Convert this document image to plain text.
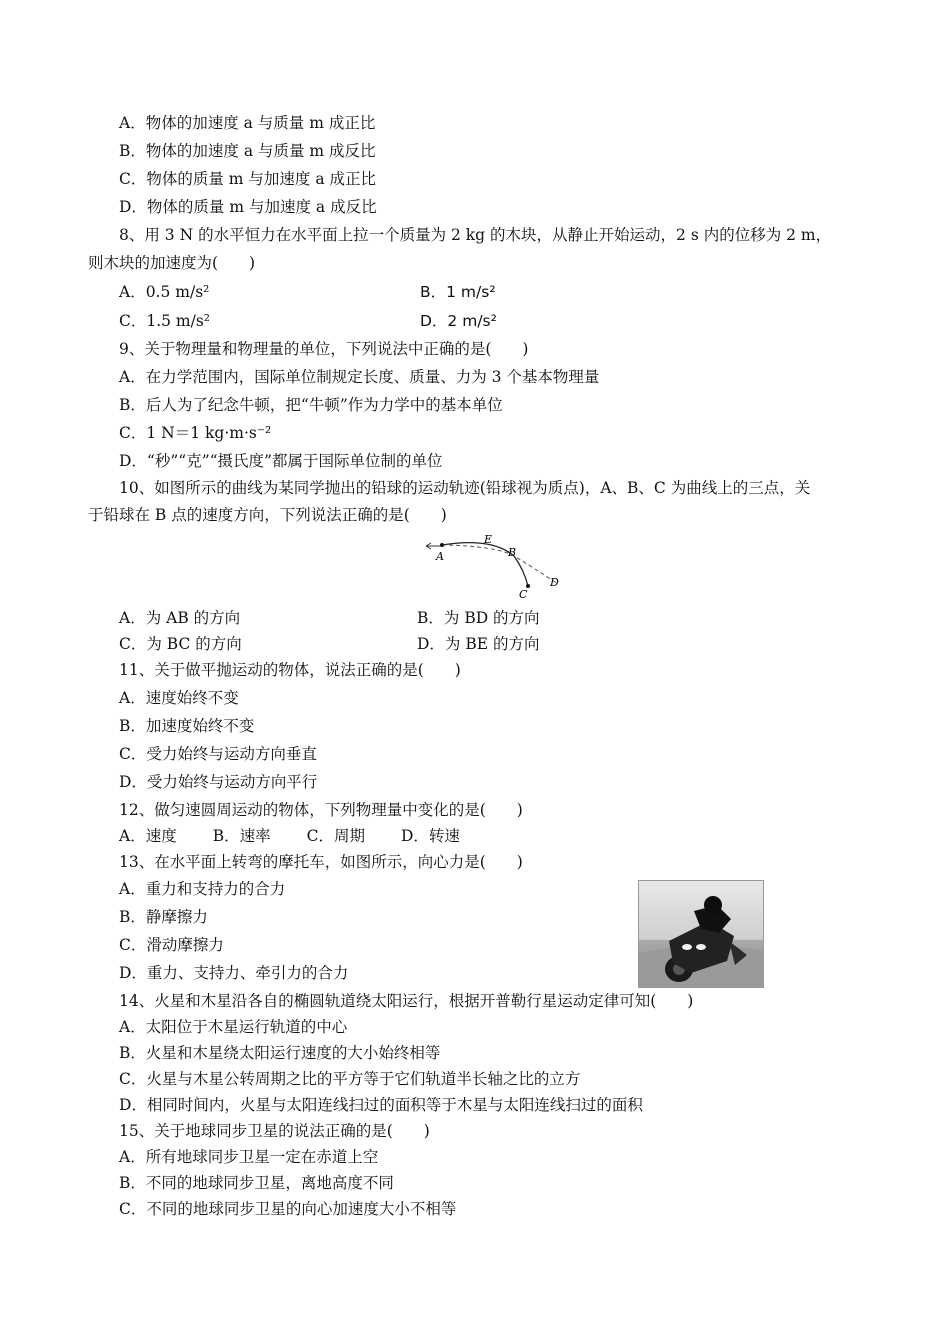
A．物体的加速度 a 与质量 m 成正比
B．物体的加速度 a 与质量 m 成反比
C．物体的质量 m 与加速度 a 成正比
D．物体的质量 m 与加速度 a 成反比
8、用 3 N 的水平恒力在水平面上拉一个质量为 2 kg 的木块，从静止开始运动，2 s 内的位移为 2 m，
则木块的加速度为(　　)
A．0.5 m/s²	B．1 m/s²
C．1.5 m/s²	D．2 m/s²
9、关于物理量和物理量的单位，下列说法中正确的是(　　)
A．在力学范围内，国际单位制规定长度、质量、力为 3 个基本物理量
B．后人为了纪念牛顿，把“牛顿”作为力学中的基本单位
C．1 N＝1 kg·m·s⁻²
D．“秒”“克”“摄氏度”都属于国际单位制的单位
10、如图所示的曲线为某同学抛出的铅球的运动轨迹(铅球视为质点)，A、B、C 为曲线上的三点，关
于铅球在 B 点的速度方向，下列说法正确的是(　　)
A	B
C
D
E
A．为 AB 的方向	B．为 BD 的方向
C．为 BC 的方向	D．为 BE 的方向
11、关于做平抛运动的物体，说法正确的是(　　)
A．速度始终不变
B．加速度始终不变
C．受力始终与运动方向垂直
D．受力始终与运动方向平行
12、做匀速圆周运动的物体，下列物理量中变化的是(　　)
A．速度 B．速率 C．周期 D．转速
13、在水平面上转弯的摩托车，如图所示，向心力是(　　)
A．重力和支持力的合力
B．静摩擦力
C．滑动摩擦力
D．重力、支持力、牵引力的合力
14、火星和木星沿各自的椭圆轨道绕太阳运行，根据开普勒行星运动定律可知(　　)
A．太阳位于木星运行轨道的中心
B．火星和木星绕太阳运行速度的大小始终相等
C．火星与木星公转周期之比的平方等于它们轨道半长轴之比的立方
D．相同时间内，火星与太阳连线扫过的面积等于木星与太阳连线扫过的面积
15、关于地球同步卫星的说法正确的是(　　)
A．所有地球同步卫星一定在赤道上空
B．不同的地球同步卫星，离地高度不同
C．不同的地球同步卫星的向心加速度大小不相等
